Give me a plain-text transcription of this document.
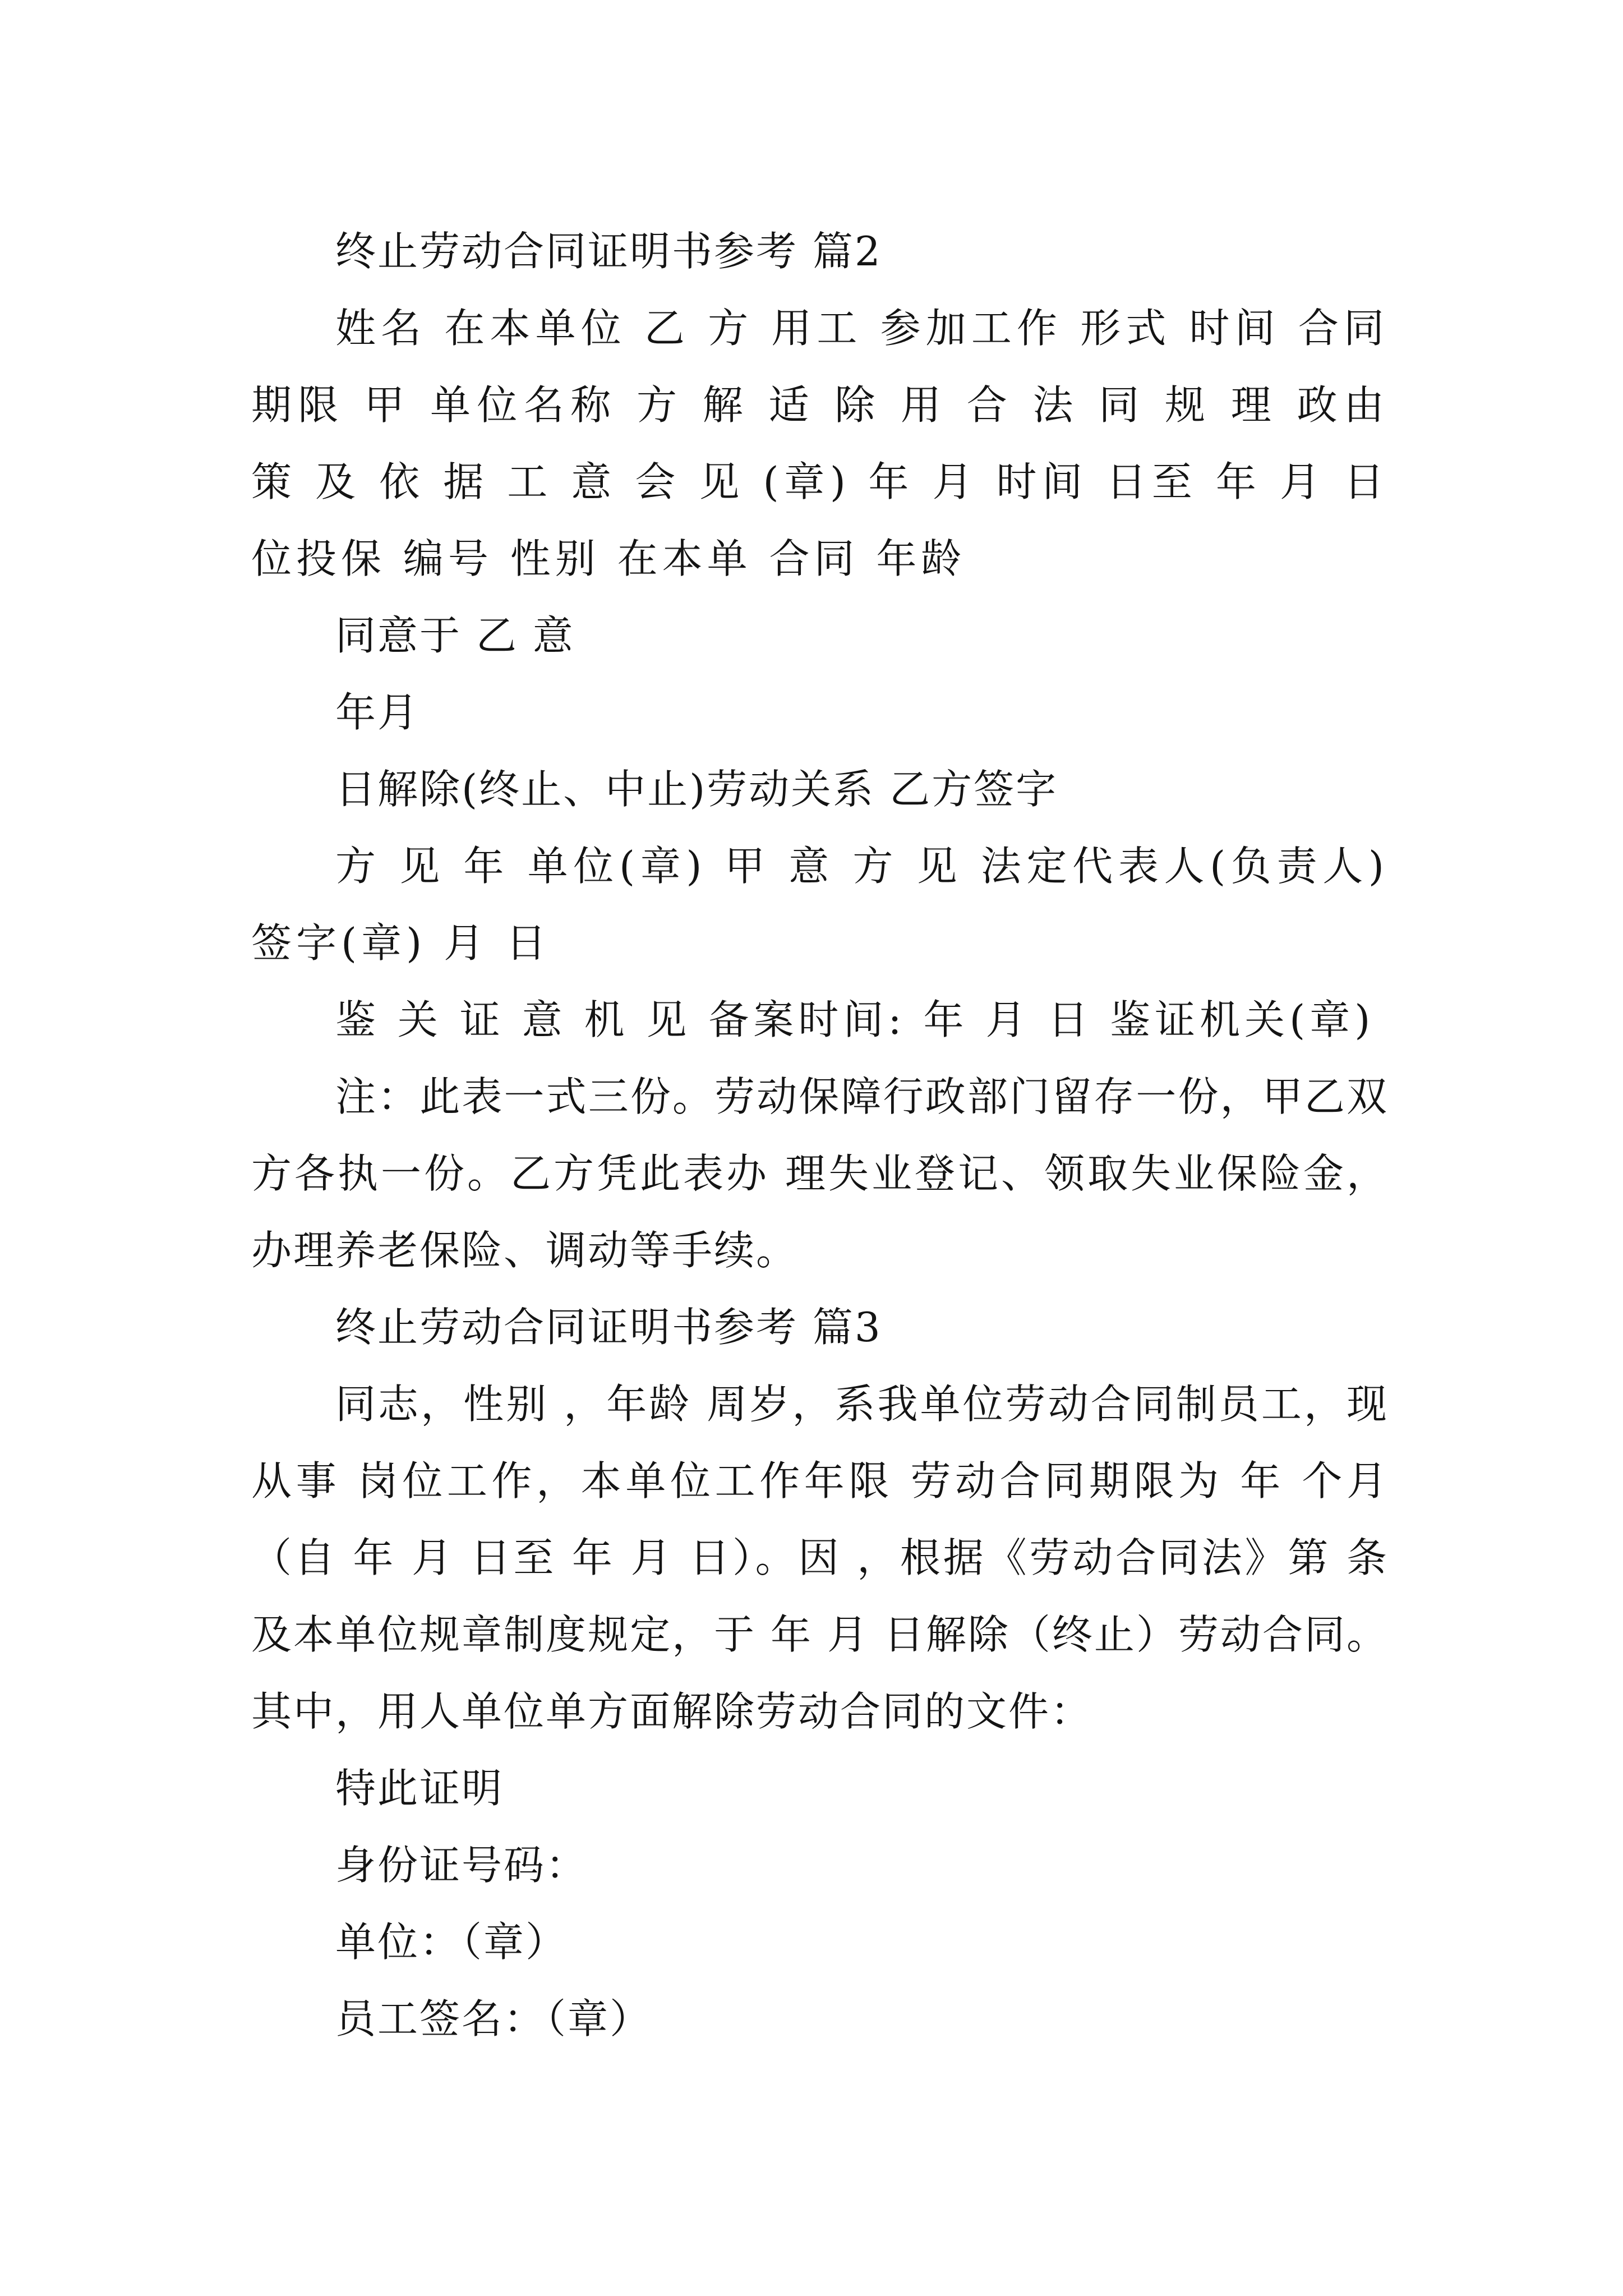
终止劳动合同证明书参考 篇2

姓名 在本单位 乙 方 用工 参加工作 形式 时间 合同期限 甲 单位名称 方 解 适 除 用 合 法 同 规 理 政由 策 及 依 据 工 意 会 见 (章) 年 月 时间 日至 年 月 日 位投保 编号 性别 在本单 合同 年龄

同意于 乙 意

年月

日解除(终止、中止)劳动关系 乙方签字

方 见 年 单位(章) 甲 意 方 见 法定代表人(负责人)签字(章) 月 日

鉴 关 证 意 机 见 备案时间: 年 月 日 鉴证机关(章)

注：此表一式三份。劳动保障行政部门留存一份，甲乙双方各执一份。乙方凭此表办 理失业登记、领取失业保险金，办理养老保险、调动等手续。

终止劳动合同证明书参考 篇3

同志，性别 ，年龄 周岁，系我单位劳动合同制员工，现从事 岗位工作，本单位工作年限 劳动合同期限为 年 个月（自 年 月 日至 年 月 日）。因 ，根据《劳动合同法》第 条及本单位规章制度规定，于 年 月 日解除（终止）劳动合同。其中，用人单位单方面解除劳动合同的文件：

特此证明

身份证号码：

单位：（章）

员工签名：（章）
